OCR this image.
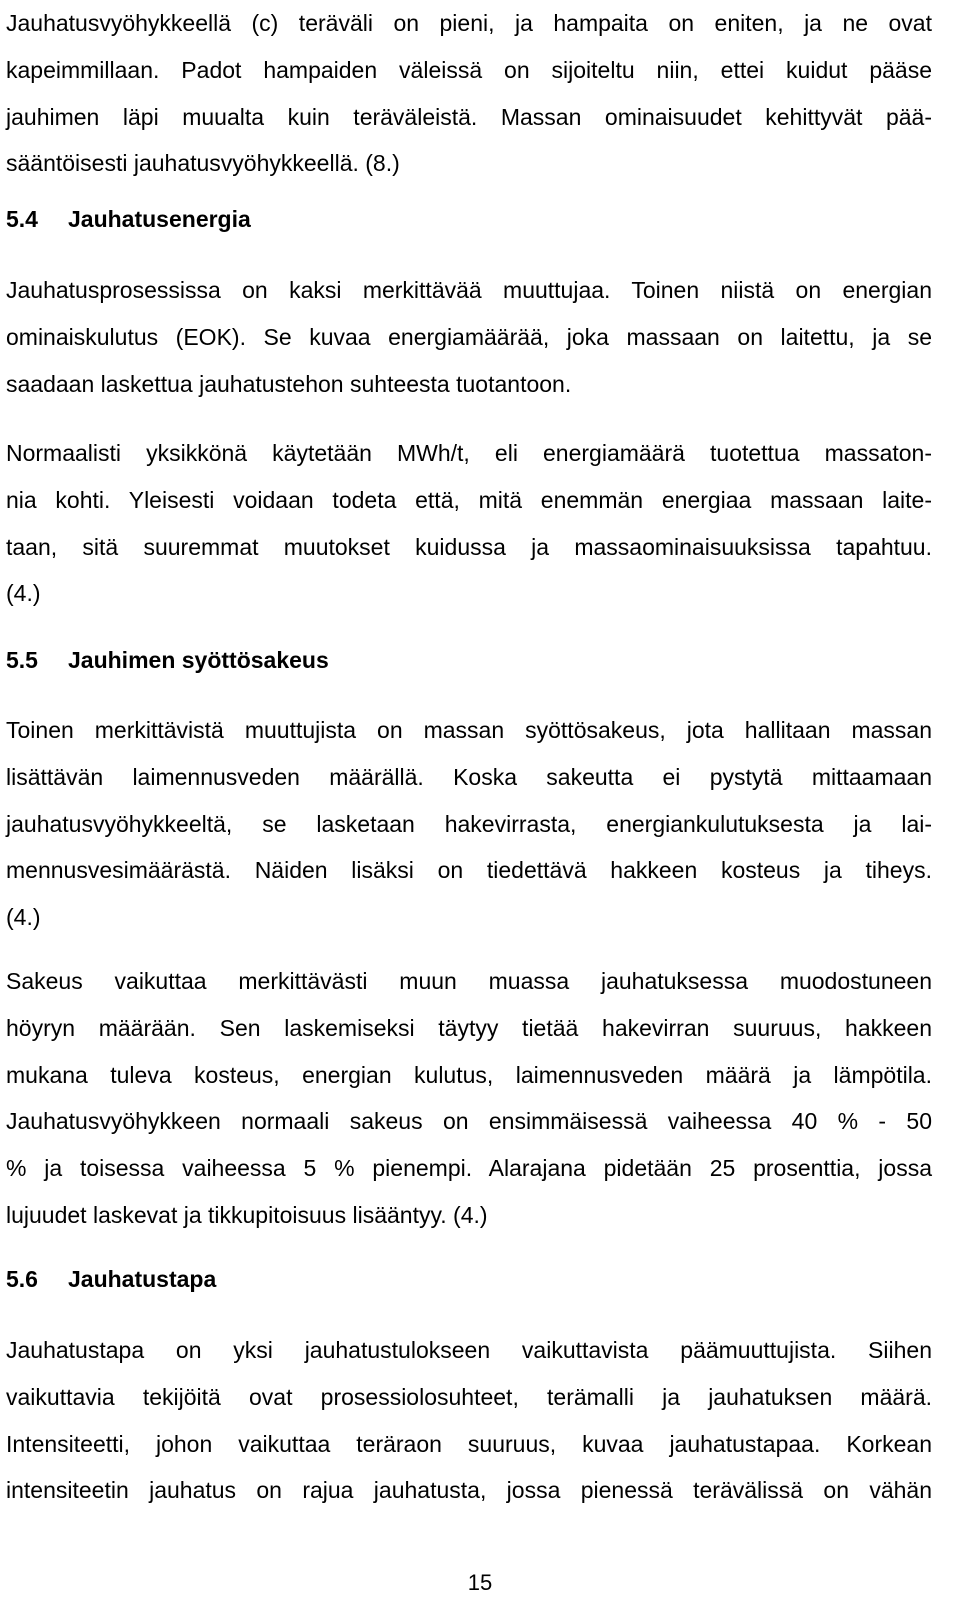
Jauhatusvyöhykkeellä (c) teräväli on pieni, ja hampaita on eniten, ja ne ovat
kapeimmillaan. Padot hampaiden väleissä on sijoiteltu niin, ettei kuidut pääse
jauhimen läpi muualta kuin teräväleistä. Massan ominaisuudet kehittyvät pää-
sääntöisesti jauhatusvyöhykkeellä. (8.)
5.4 Jauhatusenergia
Jauhatusprosessissa on kaksi merkittävää muuttujaa. Toinen niistä on energian
ominaiskulutus (EOK). Se kuvaa energiamäärää, joka massaan on laitettu, ja se
saadaan laskettua jauhatustehon suhteesta tuotantoon.
Normaalisti yksikkönä käytetään MWh/t, eli energiamäärä tuotettua massaton-
nia kohti. Yleisesti voidaan todeta että, mitä enemmän energiaa massaan laite-
taan, sitä suuremmat muutokset kuidussa ja massaominaisuuksissa tapahtuu.
(4.)
5.5 Jauhimen syöttösakeus
Toinen merkittävistä muuttujista on massan syöttösakeus, jota hallitaan massan
lisättävän laimennusveden määrällä. Koska sakeutta ei pystytä mittaamaan
jauhatusvyöhykkeeltä, se lasketaan hakevirrasta, energiankulutuksesta ja lai-
mennusvesimäärästä. Näiden lisäksi on tiedettävä hakkeen kosteus ja tiheys.
(4.)
Sakeus vaikuttaa merkittävästi muun muassa jauhatuksessa muodostuneen
höyryn määrään. Sen laskemiseksi täytyy tietää hakevirran suuruus, hakkeen
mukana tuleva kosteus, energian kulutus, laimennusveden määrä ja lämpötila.
Jauhatusvyöhykkeen normaali sakeus on ensimmäisessä vaiheessa 40 % - 50
% ja toisessa vaiheessa 5 % pienempi. Alarajana pidetään 25 prosenttia, jossa
lujuudet laskevat ja tikkupitoisuus lisääntyy. (4.)
5.6 Jauhatustapa
Jauhatustapa on yksi jauhatustulokseen vaikuttavista päämuuttujista. Siihen
vaikuttavia tekijöitä ovat prosessiolosuhteet, terämalli ja jauhatuksen määrä.
Intensiteetti, johon vaikuttaa teräraon suuruus, kuvaa jauhatustapaa. Korkean
intensiteetin jauhatus on rajua jauhatusta, jossa pienessä terävälissä on vähän
15
